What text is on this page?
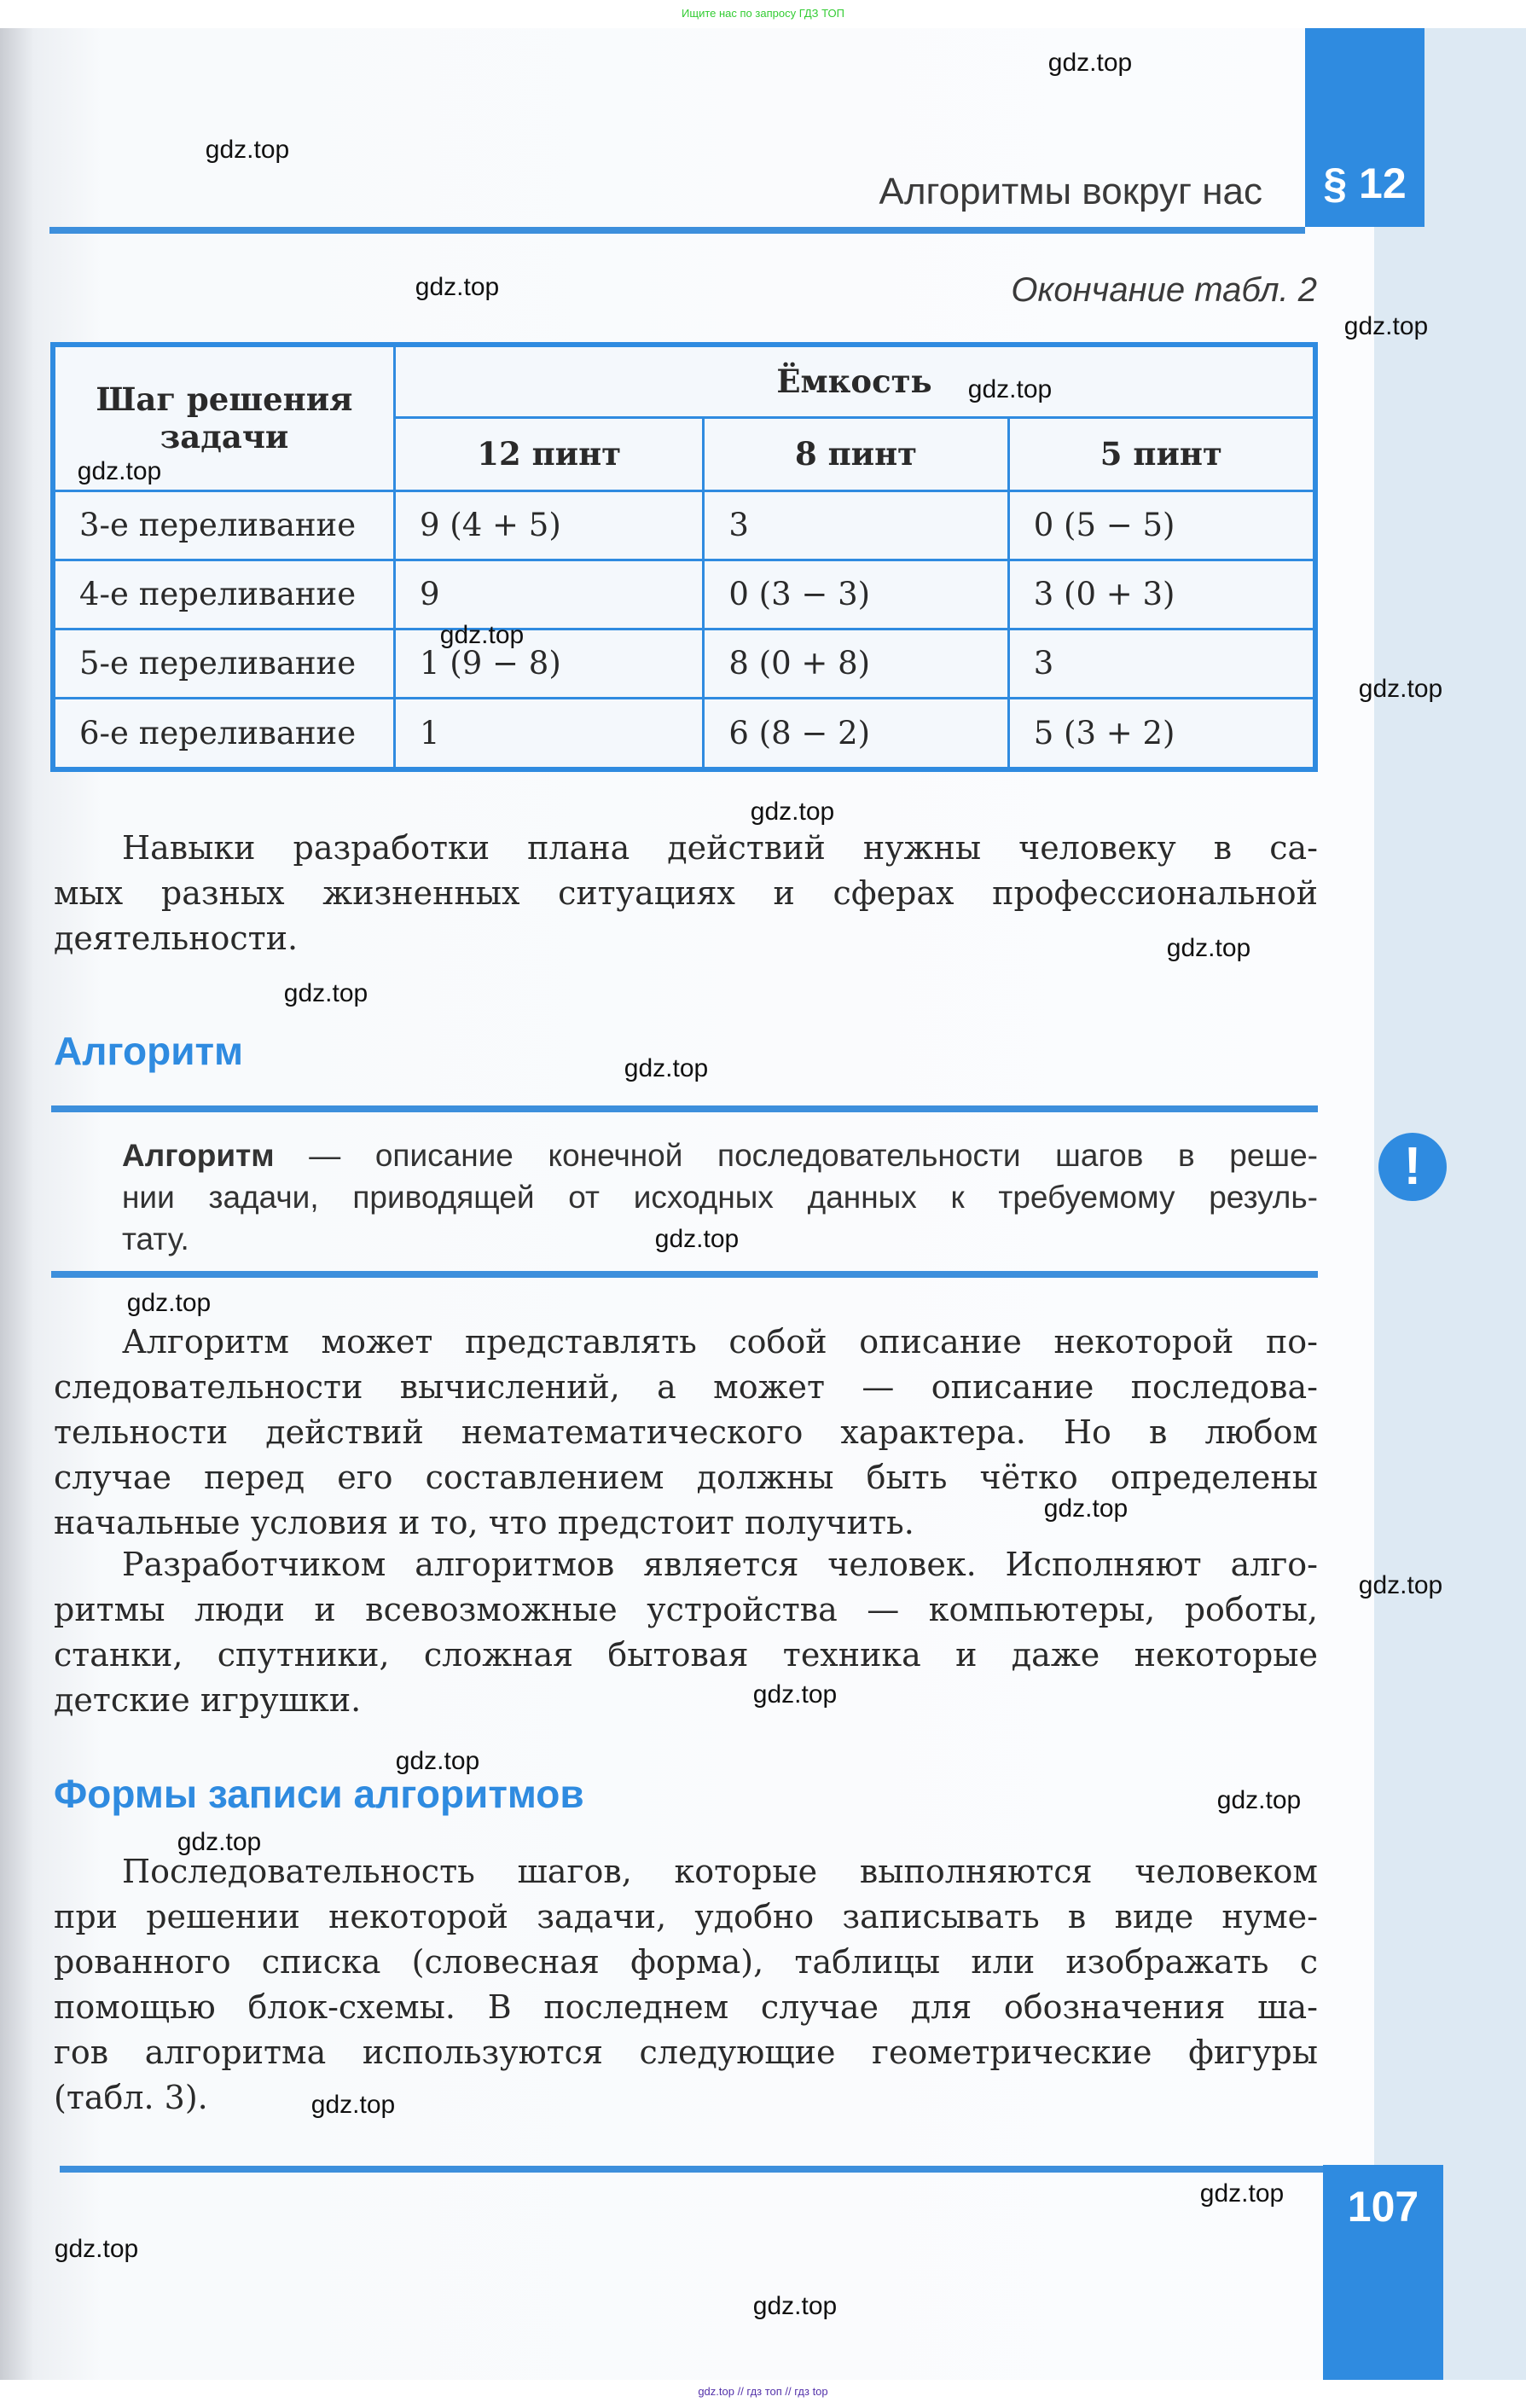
Ищите нас по запросу ГДЗ ТОП
§ 12
Алгоритмы вокруг нас
Окончание табл. 2
Шаг решения
задачи	Ёмкость		
	12 пинт	8 пинт	5 пинт
3-е переливание	9 (4 + 5)	3	0 (5 − 5)
4-е переливание	9	0 (3 − 3)	3 (0 + 3)
5-е переливание	1 (9 − 8)	8 (0 + 8)	3
6-е переливание	1	6 (8 − 2)	5 (3 + 2)
Навыки разработки плана действий нужны человеку в са-
мых разных жизненных ситуациях и сферах профессиональной
деятельности.
Алгоритм
Алгоритм — описание конечной последовательности шагов в реше-
нии задачи, приводящей от исходных данных к требуемому резуль-
тату.
!
Алгоритм может представлять собой описание некоторой по-
следовательности вычислений, а может — описание последова-
тельности действий нематематического характера. Но в любом
случае перед его составлением должны быть чётко определены
начальные условия и то, что предстоит получить.
Разработчиком алгоритмов является человек. Исполняют алго-
ритмы люди и всевозможные устройства — компьютеры, роботы,
станки, спутники, сложная бытовая техника и даже некоторые
детские игрушки.
Формы записи алгоритмов
Последовательность шагов, которые выполняются человеком
при решении некоторой задачи, удобно записывать в виде нуме-
рованного списка (словесная форма), таблицы или изображать с
помощью блок-схемы. В последнем случае для обозначения ша-
гов алгоритма используются следующие геометрические фигуры
(табл. 3).
107
gdz.top
gdz.top
gdz.top
gdz.top
gdz.top
gdz.top
gdz.top
gdz.top
gdz.top
gdz.top
gdz.top
gdz.top
gdz.top
gdz.top
gdz.top
gdz.top
gdz.top
gdz.top
gdz.top
gdz.top
gdz.top
gdz.top
gdz.top
gdz.top
gdz.top // гдз топ // гдз top
